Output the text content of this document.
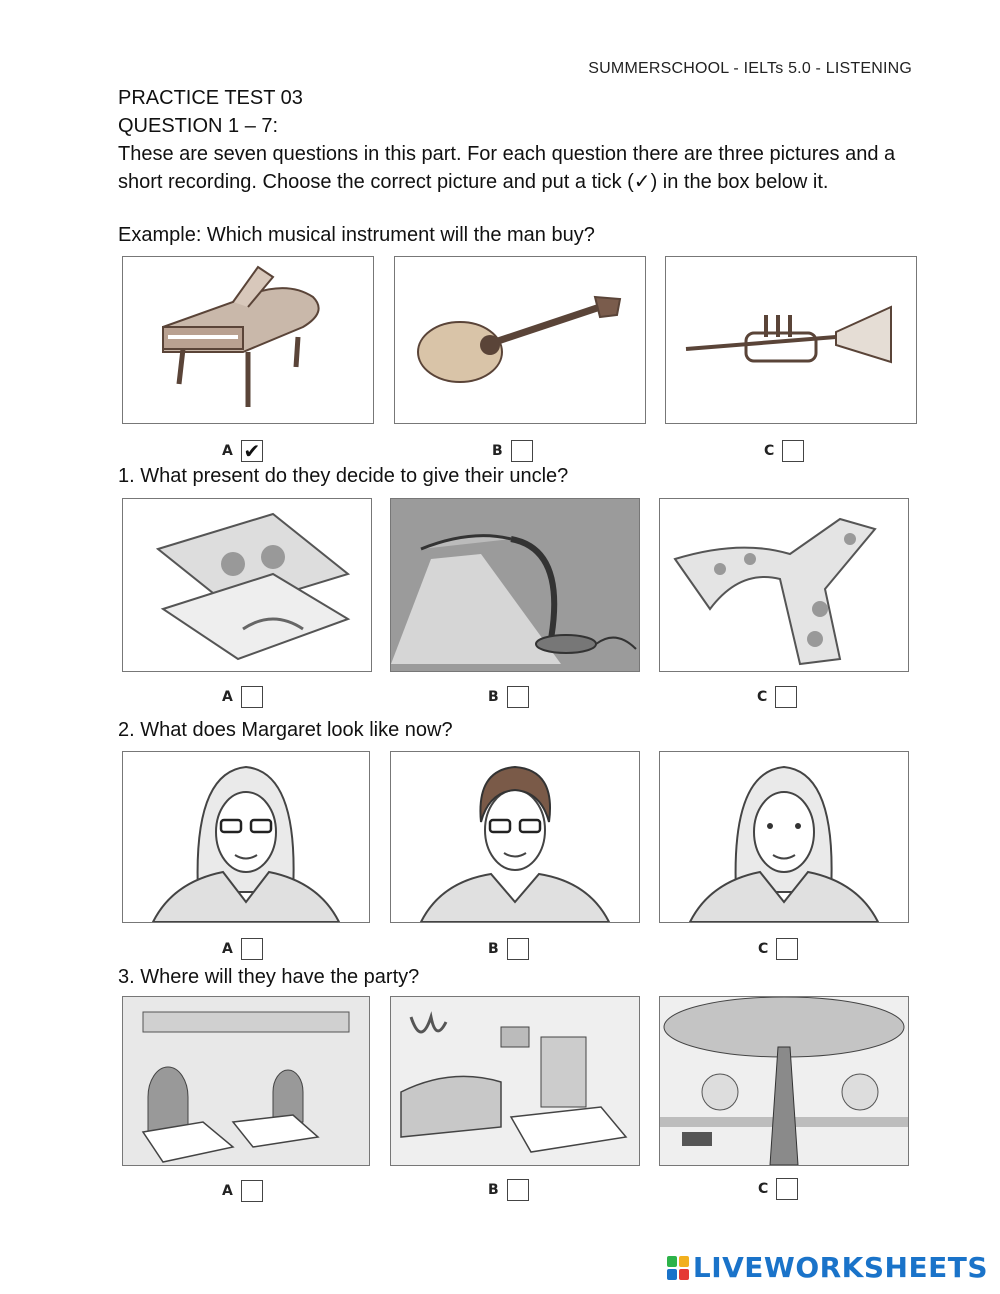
SUMMERSCHOOL - IELTs 5.0 - LISTENING

PRACTICE TEST 03

QUESTION 1 – 7:

These are seven questions in this part. For each question there are three pictures and a short recording. Choose the correct picture and put a tick (✓) in the box below it.

Example: Which musical instrument will the man buy?
A ✔	B	C
1. What present do they decide to give their uncle?
A	B	C
2. What does Margaret look like now?
A	B	C
3. Where will they have the party?
A	B	C
LIVEWORKSHEETS
